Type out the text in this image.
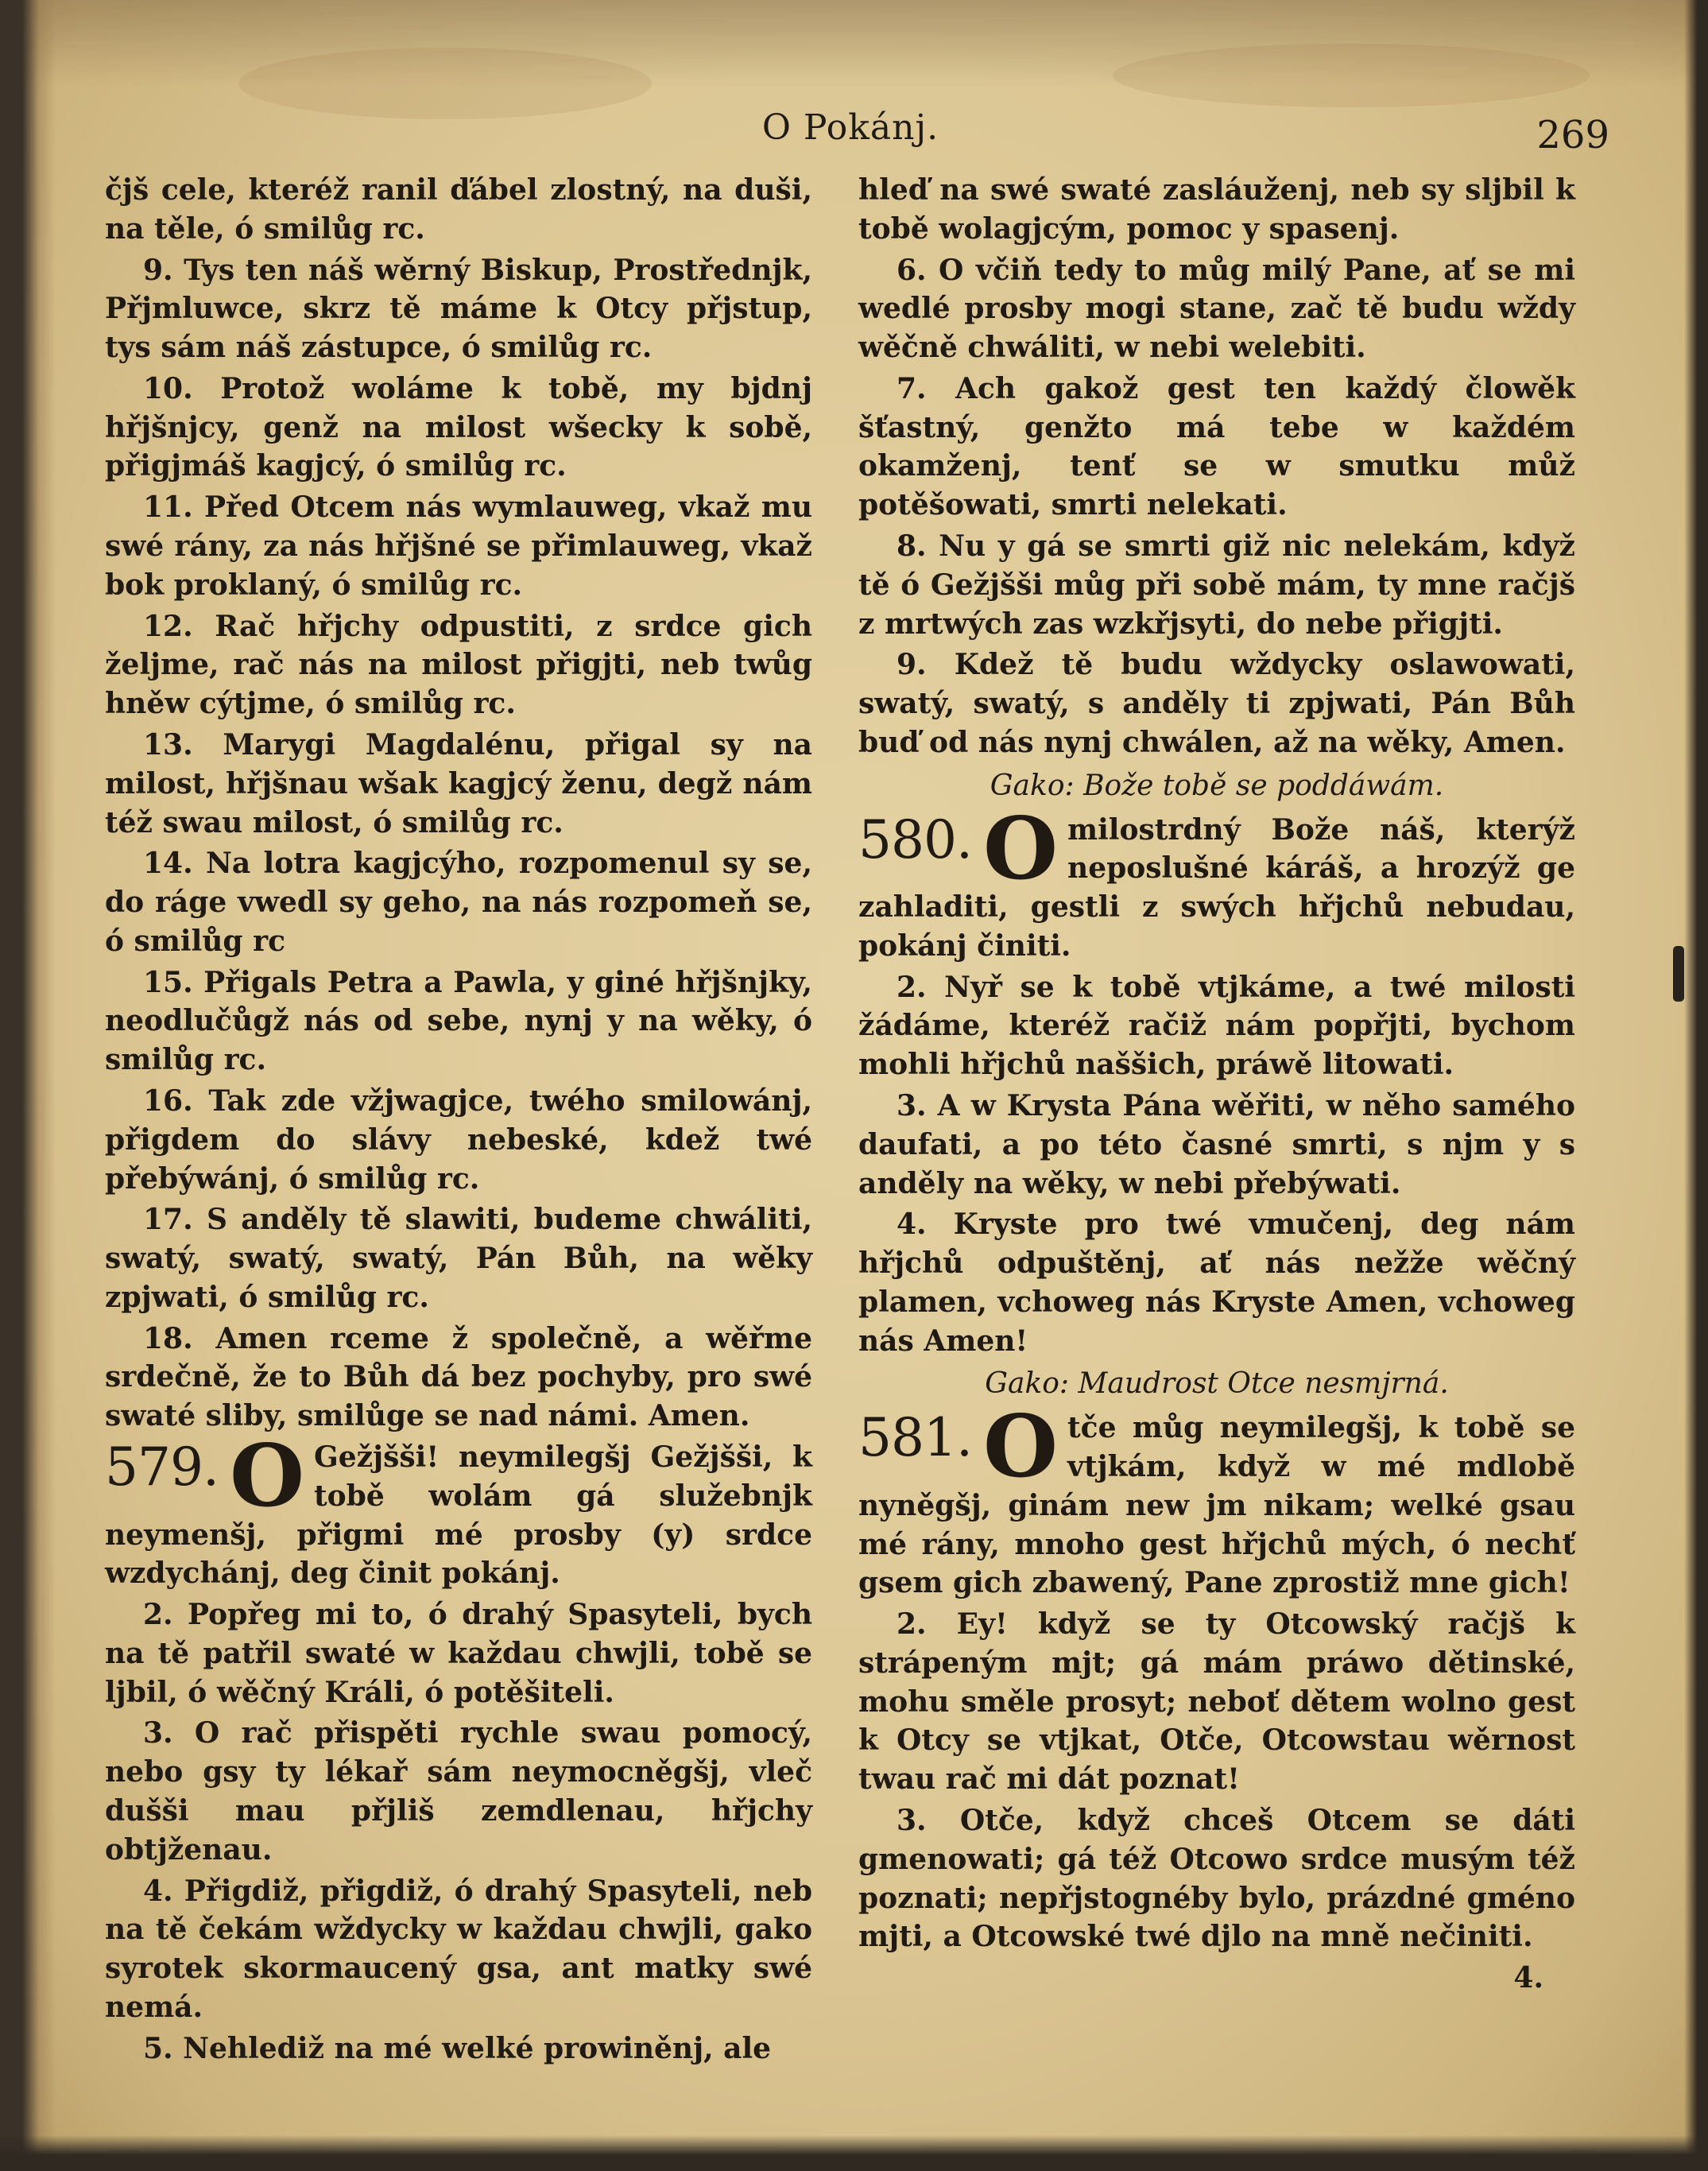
O Pokánj.	269

čjš cele, kteréž ranil ďábel zlostný, na duši, na těle, ó smilůg rc.

9. Tys ten náš wěrný Biskup, Prostřednjk, Přjmluwce, skrz tě máme k Otcy přjstup, tys sám náš zástupce, ó smilůg rc.

10. Protož woláme k tobě, my bjdnj hřjšnjcy, genž na milost wšecky k sobě, přigjmáš kagjcý, ó smilůg rc.

11. Před Otcem nás wymlauweg, vkaž mu swé rány, za nás hřjšné se přimlauweg, vkaž bok proklaný, ó smilůg rc.

12. Rač hřjchy odpustiti, z srdce gich željme, rač nás na milost přigjti, neb twůg hněw cýtjme, ó smilůg rc.

13. Marygi Magdalénu, přigal sy na milost, hřjšnau wšak kagjcý ženu, degž nám též swau milost, ó smilůg rc.

14. Na lotra kagjcýho, rozpomenul sy se, do ráge vwedl sy geho, na nás rozpomeň se, ó smilůg rc

15. Přigals Petra a Pawla, y giné hřjšnjky, neodlučůgž nás od sebe, nynj y na wěky, ó smilůg rc.

16. Tak zde vžjwagjce, twého smilowánj, přigdem do slávy nebeské, kdež twé přebýwánj, ó smilůg rc.

17. S anděly tě slawiti, budeme chwáliti, swatý, swatý, swatý, Pán Bůh, na wěky zpjwati, ó smilůg rc.

18. Amen rceme ž společně, a wěřme srdečně, že to Bůh dá bez pochyby, pro swé swaté sliby, smilůge se nad námi. Amen.

579. O Gežjšši! neymilegšj Gežjšši, k tobě wolám gá služebnjk neymenšj, přigmi mé prosby (y) srdce wzdychánj, deg činit pokánj.

2. Popřeg mi to, ó drahý Spasyteli, bych na tě patřil swaté w každau chwjli, tobě se ljbil, ó wěčný Králi, ó potěšiteli.

3. O rač přispěti rychle swau pomocý, nebo gsy ty lékař sám neymocněgšj, vleč dušši mau přjliš zemdlenau, hřjchy obtjženau.

4. Přigdiž, přigdiž, ó drahý Spasyteli, neb na tě čekám wždycky w každau chwjli, gako syrotek skormaucený gsa, ant matky swé nemá.

5. Nehlediž na mé welké prowiněnj, ale

hleď na swé swaté zasláuženj, neb sy sljbil k tobě wolagjcým, pomoc y spasenj.

6. O včiň tedy to můg milý Pane, ať se mi wedlé prosby mogi stane, zač tě budu wždy wěčně chwáliti, w nebi welebiti.

7. Ach gakož gest ten každý člowěk šťastný, genžto má tebe w každém okamženj, tenť se w smutku můž potěšowati, smrti nelekati.

8. Nu y gá se smrti giž nic nelekám, když tě ó Gežjšši můg při sobě mám, ty mne račjš z mrtwých zas wzkřjsyti, do nebe přigjti.

9. Kdež tě budu wždycky oslawowati, swatý, swatý, s anděly ti zpjwati, Pán Bůh buď od nás nynj chwálen, až na wěky, Amen.

Gako: Bože tobě se poddáwám.

580. O milostrdný Bože náš, kterýž neposlušné káráš, a hrozýž ge zahladiti, gestli z swých hřjchů nebudau, pokánj činiti.

2. Nyř se k tobě vtjkáme, a twé milosti žádáme, kteréž račiž nám popřjti, bychom mohli hřjchů naššich, práwě litowati.

3. A w Krysta Pána wěřiti, w něho samého daufati, a po této časné smrti, s njm y s anděly na wěky, w nebi přebýwati.

4. Kryste pro twé vmučenj, deg nám hřjchů odpuštěnj, ať nás nežže wěčný plamen, vchoweg nás Kryste Amen, vchoweg nás Amen!

Gako: Maudrost Otce nesmjrná.

581. O tče můg neymilegšj, k tobě se vtjkám, když w mé mdlobě nyněgšj, ginám new jm nikam; welké gsau mé rány, mnoho gest hřjchů mých, ó nechť gsem gich zbawený, Pane zprostiž mne gich!

2. Ey! když se ty Otcowský račjš k strápeným mjt; gá mám práwo dětinské, mohu směle prosyt; neboť dětem wolno gest k Otcy se vtjkat, Otče, Otcowstau wěrnost twau rač mi dát poznat!

3. Otče, když chceš Otcem se dáti gmenowati; gá též Otcowo srdce musým též poznati; nepřjstognéby bylo, prázdné gméno mjti, a Otcowské twé djlo na mně nečiniti.

4.
